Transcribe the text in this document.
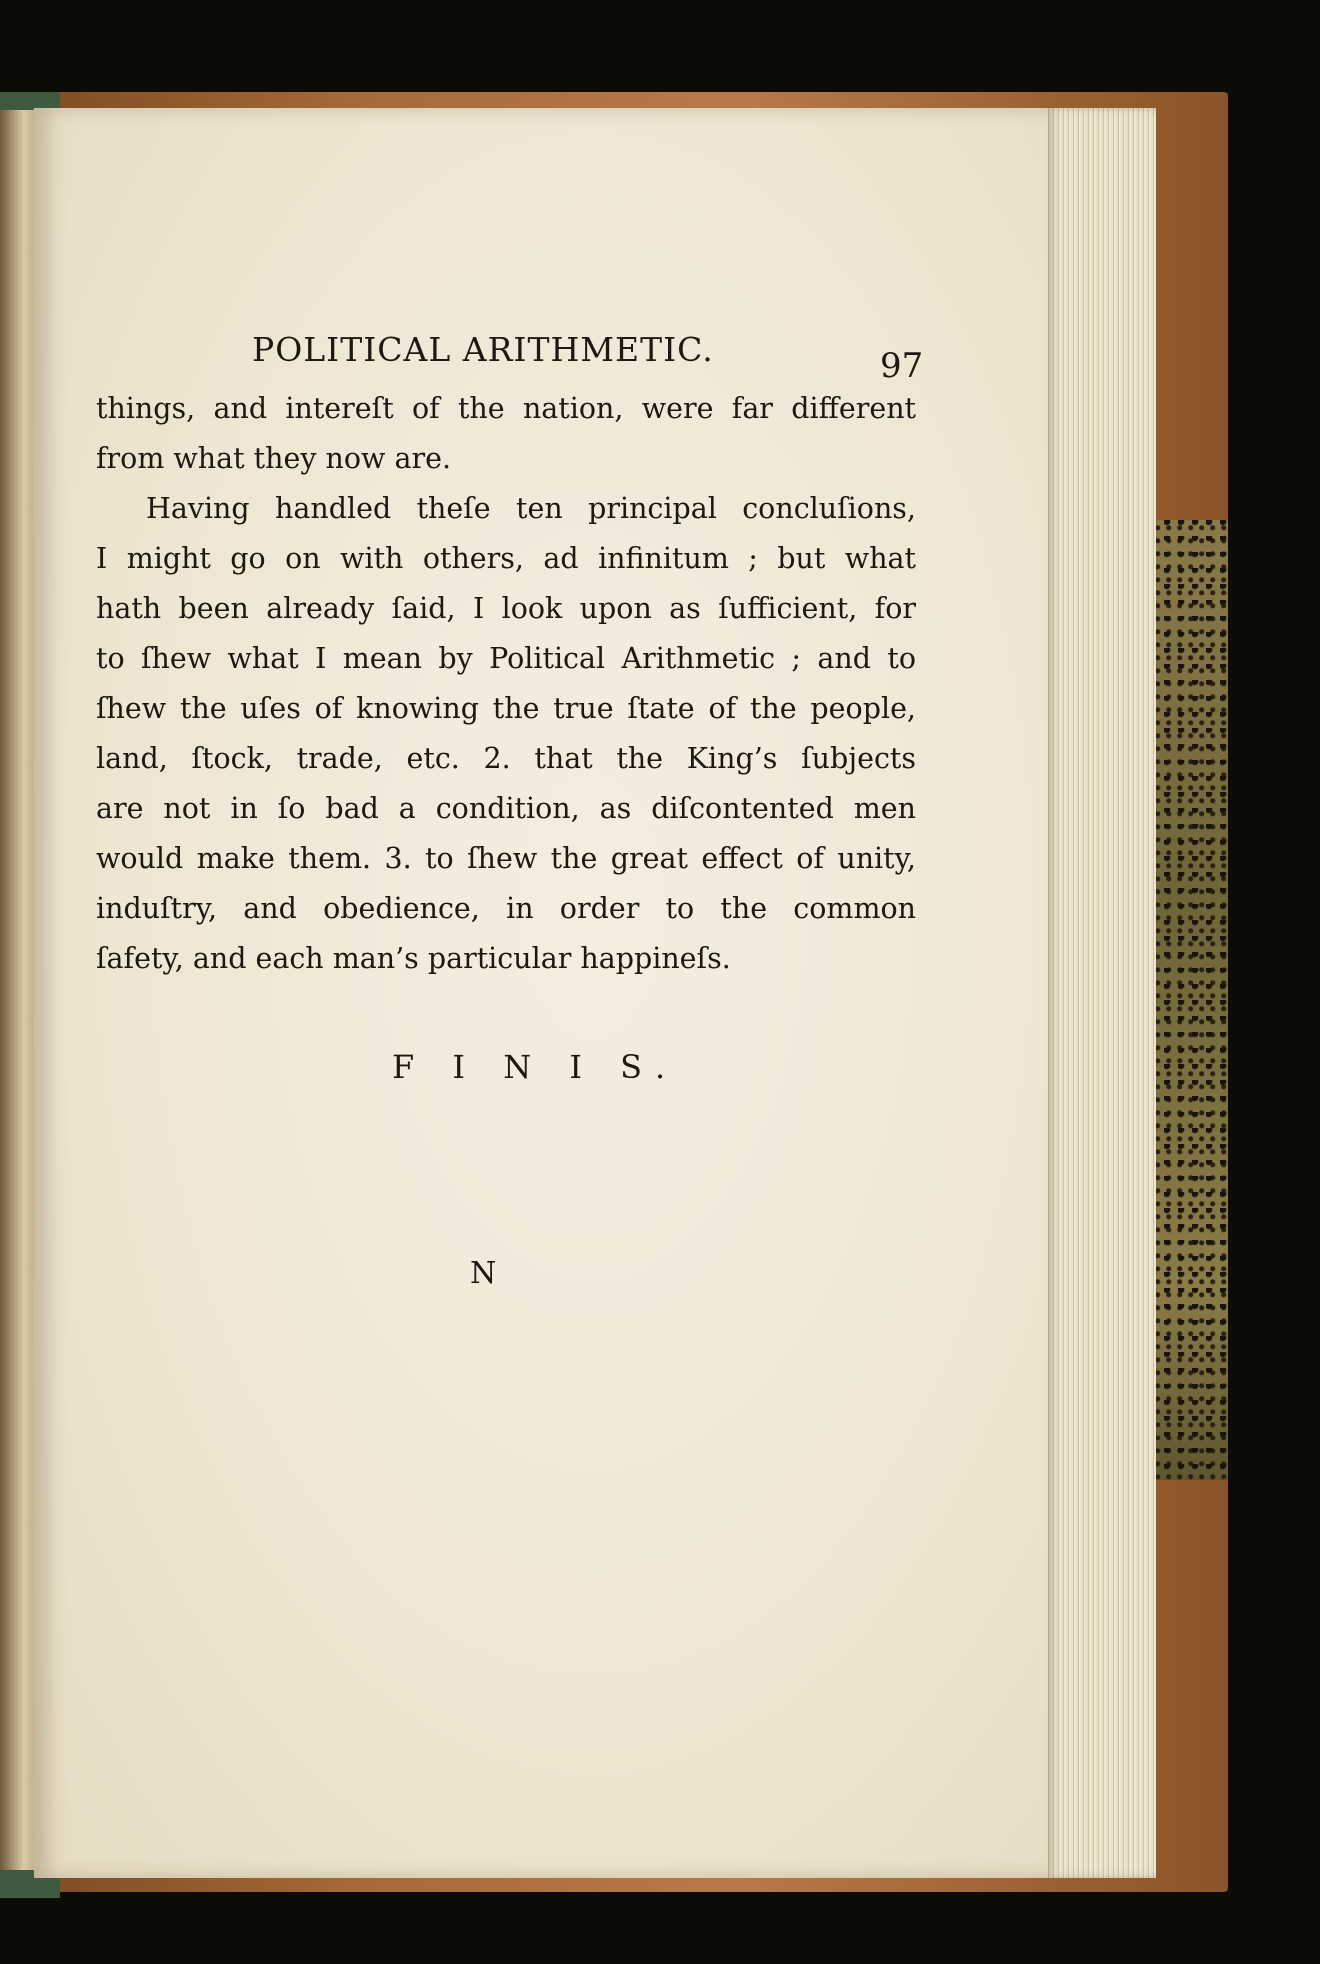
POLITICAL ARITHMETIC.	97
things, and intereſt of the nation, were far different
from what they now are.
Having handled theſe ten principal concluſions,
I might go on with others, ad infinitum ; but what
hath been already ſaid, I look upon as ſufficient, for
to ſhew what I mean by Political Arithmetic ; and to
ſhew the uſes of knowing the true ſtate of the people,
land, ſtock, trade, etc. 2. that the King’s ſubjects
are not in ſo bad a condition, as diſcontented men
would make them. 3. to ſhew the great effect of unity,
induſtry, and obedience, in order to the common
ſafety, and each man’s particular happineſs.
F I N I S.
N
